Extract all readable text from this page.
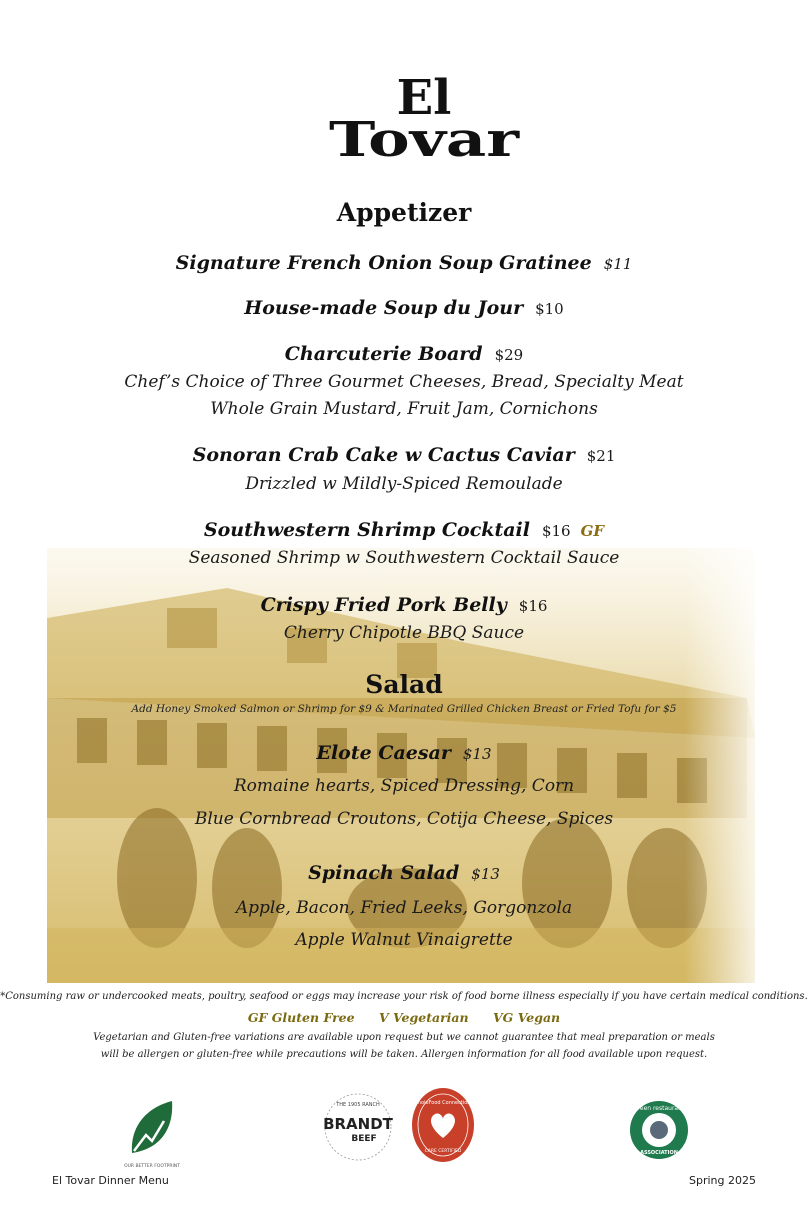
El
Tovar
Appetizer
Signature French Onion Soup Gratinee $11
House-made Soup du Jour $10
Charcuterie Board $29
Chef’s Choice of Three Gourmet Cheeses, Bread, Specialty Meat
Whole Grain Mustard, Fruit Jam, Cornichons
Sonoran Crab Cake w Cactus Caviar $21
Drizzled w Mildly-Spiced Remoulade
Southwestern Shrimp Cocktail $16 GF
Seasoned Shrimp w Southwestern Cocktail Sauce
Crispy Fried Pork Belly $16
Cherry Chipotle BBQ Sauce
Salad
Add Honey Smoked Salmon or Shrimp for $9 & Marinated Grilled Chicken Breast or Fried Tofu for $5
Elote Caesar $13
Romaine hearts, Spiced Dressing, Corn
Blue Cornbread Croutons, Cotija Cheese, Spices
Spinach Salad $13
Apple, Bacon, Fried Leeks, Gorgonzola
Apple Walnut Vinaigrette
*Consuming raw or undercooked meats, poultry, seafood or eggs may increase your risk of food borne illness especially if you have certain medical conditions.
GF Gluten Free V Vegetarian VG Vegan
Vegetarian and Gluten-free variations are available upon request but we cannot guarantee that meal preparation or meals
will be allergen or gluten-free while precautions will be taken. Allergen information for all food available upon request.
OUR BETTER FOOTPRINT
THE 1905 RANCH
BRANDT
BEEF
WholeFood Connections
CARE CERTIFIED
green restaurant
ASSOCIATION
El Tovar Dinner Menu	Spring 2025
